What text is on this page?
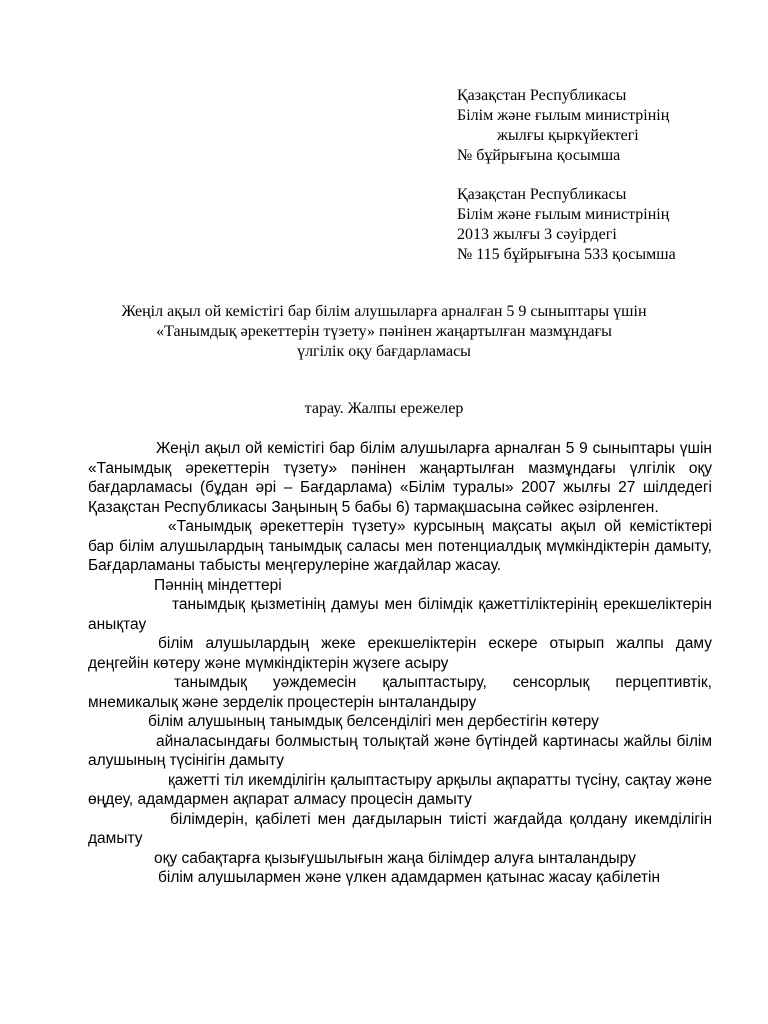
Қазақстан Республикасы
Білім және ғылым министрінің
жылғы қыркүйектегі
№ бұйрығына қосымша
Қазақстан Республикасы
Білім және ғылым министрінің
2013 жылғы 3 сәуірдегі
№ 115 бұйрығына 533 қосымша
Жеңіл ақыл ой кемістігі бар білім алушыларға арналған 5 9 сыныптары үшін
«Танымдық әрекеттерін түзету» пәнінен жаңартылған мазмұндағы
үлгілік оқу бағдарламасы
тарау. Жалпы ережелер

Жеңіл ақыл ой кемістігі бар білім алушыларға арналған 5 9 сыныптары үшін «Танымдық әрекеттерін түзету» пәнінен жаңартылған мазмұндағы үлгілік оқу бағдарламасы (бұдан әрі – Бағдарлама) «Білім туралы» 2007 жылғы 27 шілдедегі Қазақстан Республикасы Заңының 5 бабы 6) тармақшасына сәйкес әзірленген.

«Танымдық әрекеттерін түзету» курсының мақсаты ақыл ой кемістіктері бар білім алушылардың танымдық саласы мен потенциалдық мүмкіндіктерін дамыту, Бағдарламаны табысты меңгерулеріне жағдайлар жасау.

Пәннің міндеттері

танымдық қызметінің дамуы мен білімдік қажеттіліктерінің ерекшеліктерін анықтау

білім алушылардың жеке ерекшеліктерін ескере отырып жалпы даму деңгейін көтеру және мүмкіндіктерін жүзеге асыру

танымдық уәждемесін қалыптастыру, сенсорлық перцептивтік, мнемикалық және зерделік процестерін ынталандыру

білім алушының танымдық белсенділігі мен дербестігін көтеру

айналасындағы болмыстың толықтай және бүтіндей картинасы жайлы білім алушының түсінігін дамыту

қажетті тіл икемділігін қалыптастыру арқылы ақпаратты түсіну, сақтау және өңдеу, адамдармен ақпарат алмасу процесін дамыту

білімдерін, қабілеті мен дағдыларын тиісті жағдайда қолдану икемділігін дамыту

оқу сабақтарға қызығушылығын жаңа білімдер алуға ынталандыру

білім алушылармен және үлкен адамдармен қатынас жасау қабілетін
